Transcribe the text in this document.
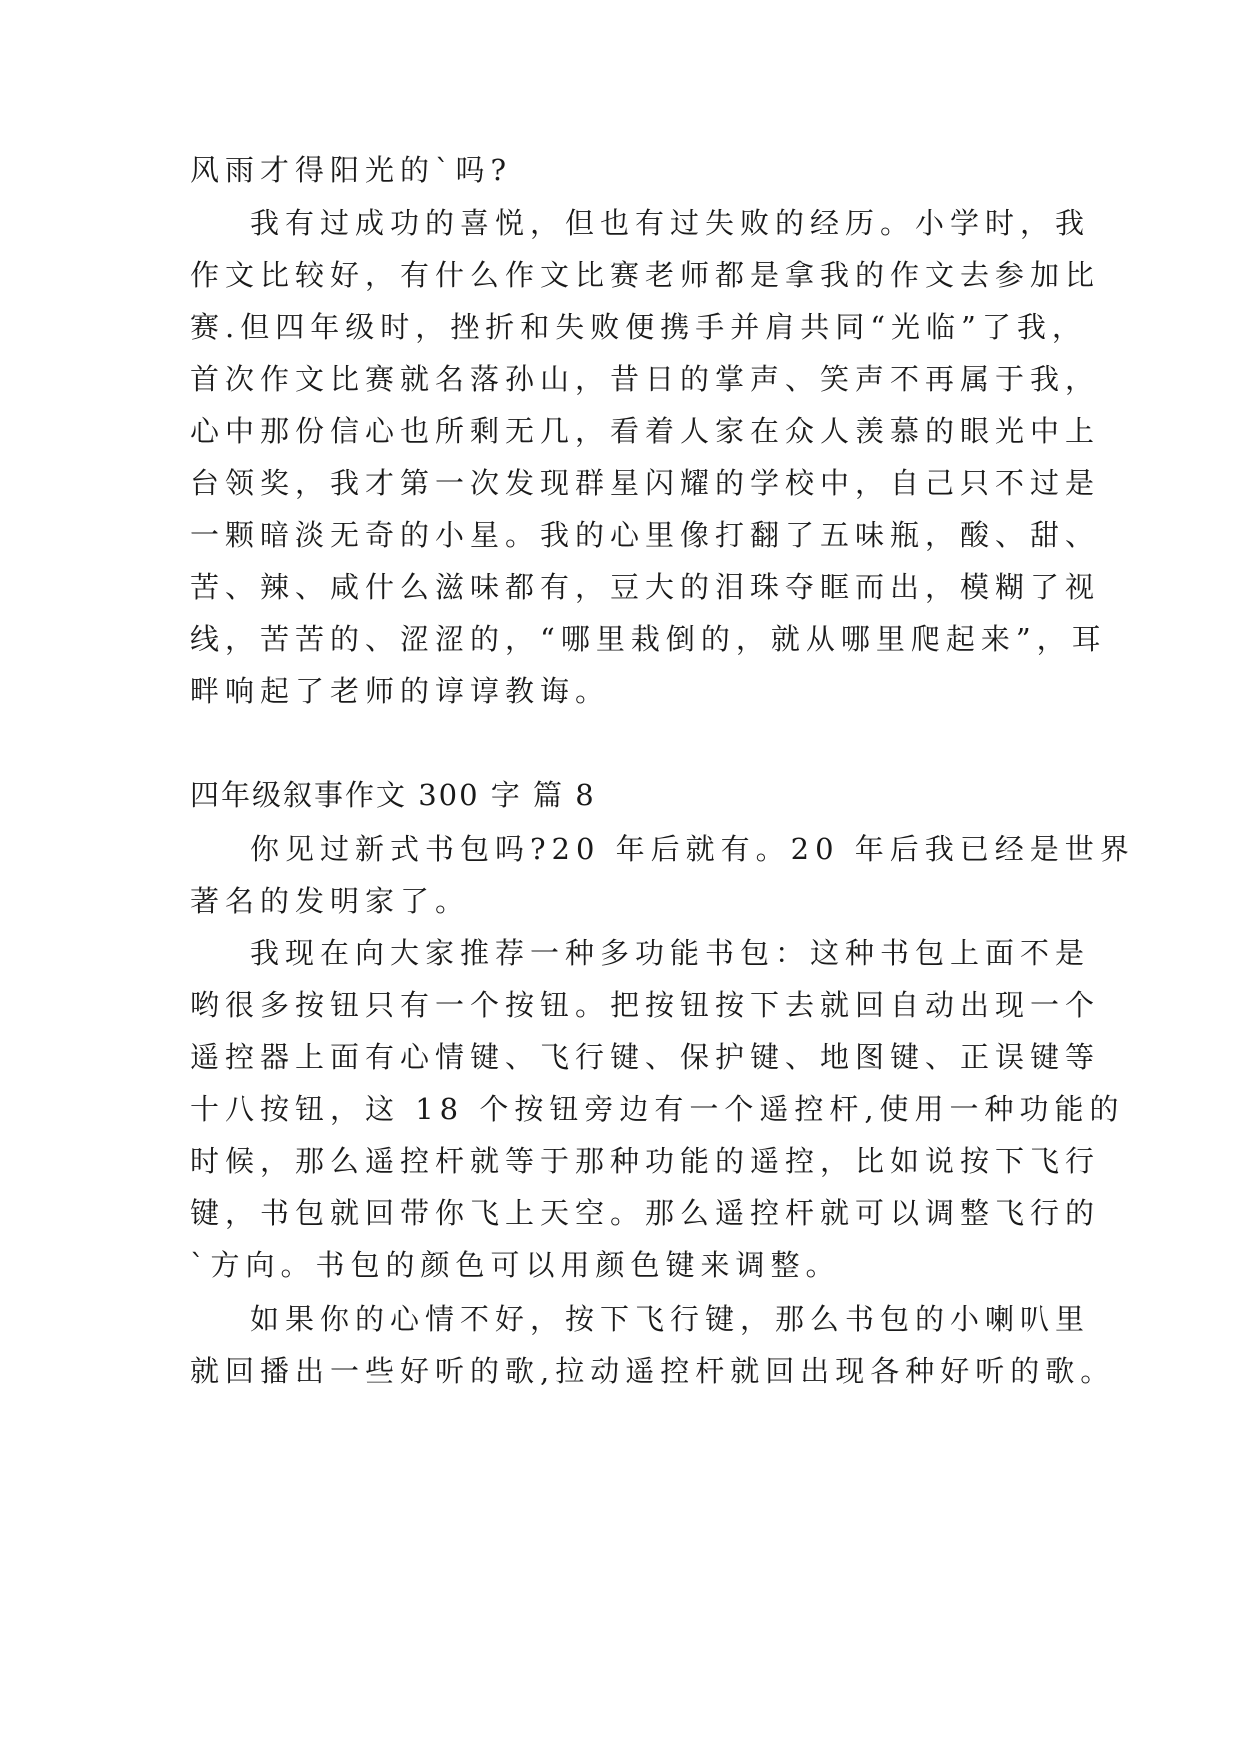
风雨才得阳光的`吗?
我有过成功的喜悦，但也有过失败的经历。小学时，我
作文比较好，有什么作文比赛老师都是拿我的作文去参加比
赛.但四年级时，挫折和失败便携手并肩共同“光临”了我，
首次作文比赛就名落孙山，昔日的掌声、笑声不再属于我，
心中那份信心也所剩无几，看着人家在众人羡慕的眼光中上
台领奖，我才第一次发现群星闪耀的学校中，自己只不过是
一颗暗淡无奇的小星。我的心里像打翻了五味瓶，酸、甜、
苦、辣、咸什么滋味都有，豆大的泪珠夺眶而出，模糊了视
线，苦苦的、涩涩的，“哪里栽倒的，就从哪里爬起来”，耳
畔响起了老师的谆谆教诲。
四年级叙事作文 300 字 篇 8
你见过新式书包吗?20 年后就有。20 年后我已经是世界
著名的发明家了。
我现在向大家推荐一种多功能书包：这种书包上面不是
哟很多按钮只有一个按钮。把按钮按下去就回自动出现一个
遥控器上面有心情键、飞行键、保护键、地图键、正误键等
十八按钮，这 18 个按钮旁边有一个遥控杆,使用一种功能的
时候，那么遥控杆就等于那种功能的遥控，比如说按下飞行
键，书包就回带你飞上天空。那么遥控杆就可以调整飞行的
`方向。书包的颜色可以用颜色键来调整。
如果你的心情不好，按下飞行键，那么书包的小喇叭里
就回播出一些好听的歌,拉动遥控杆就回出现各种好听的歌。
